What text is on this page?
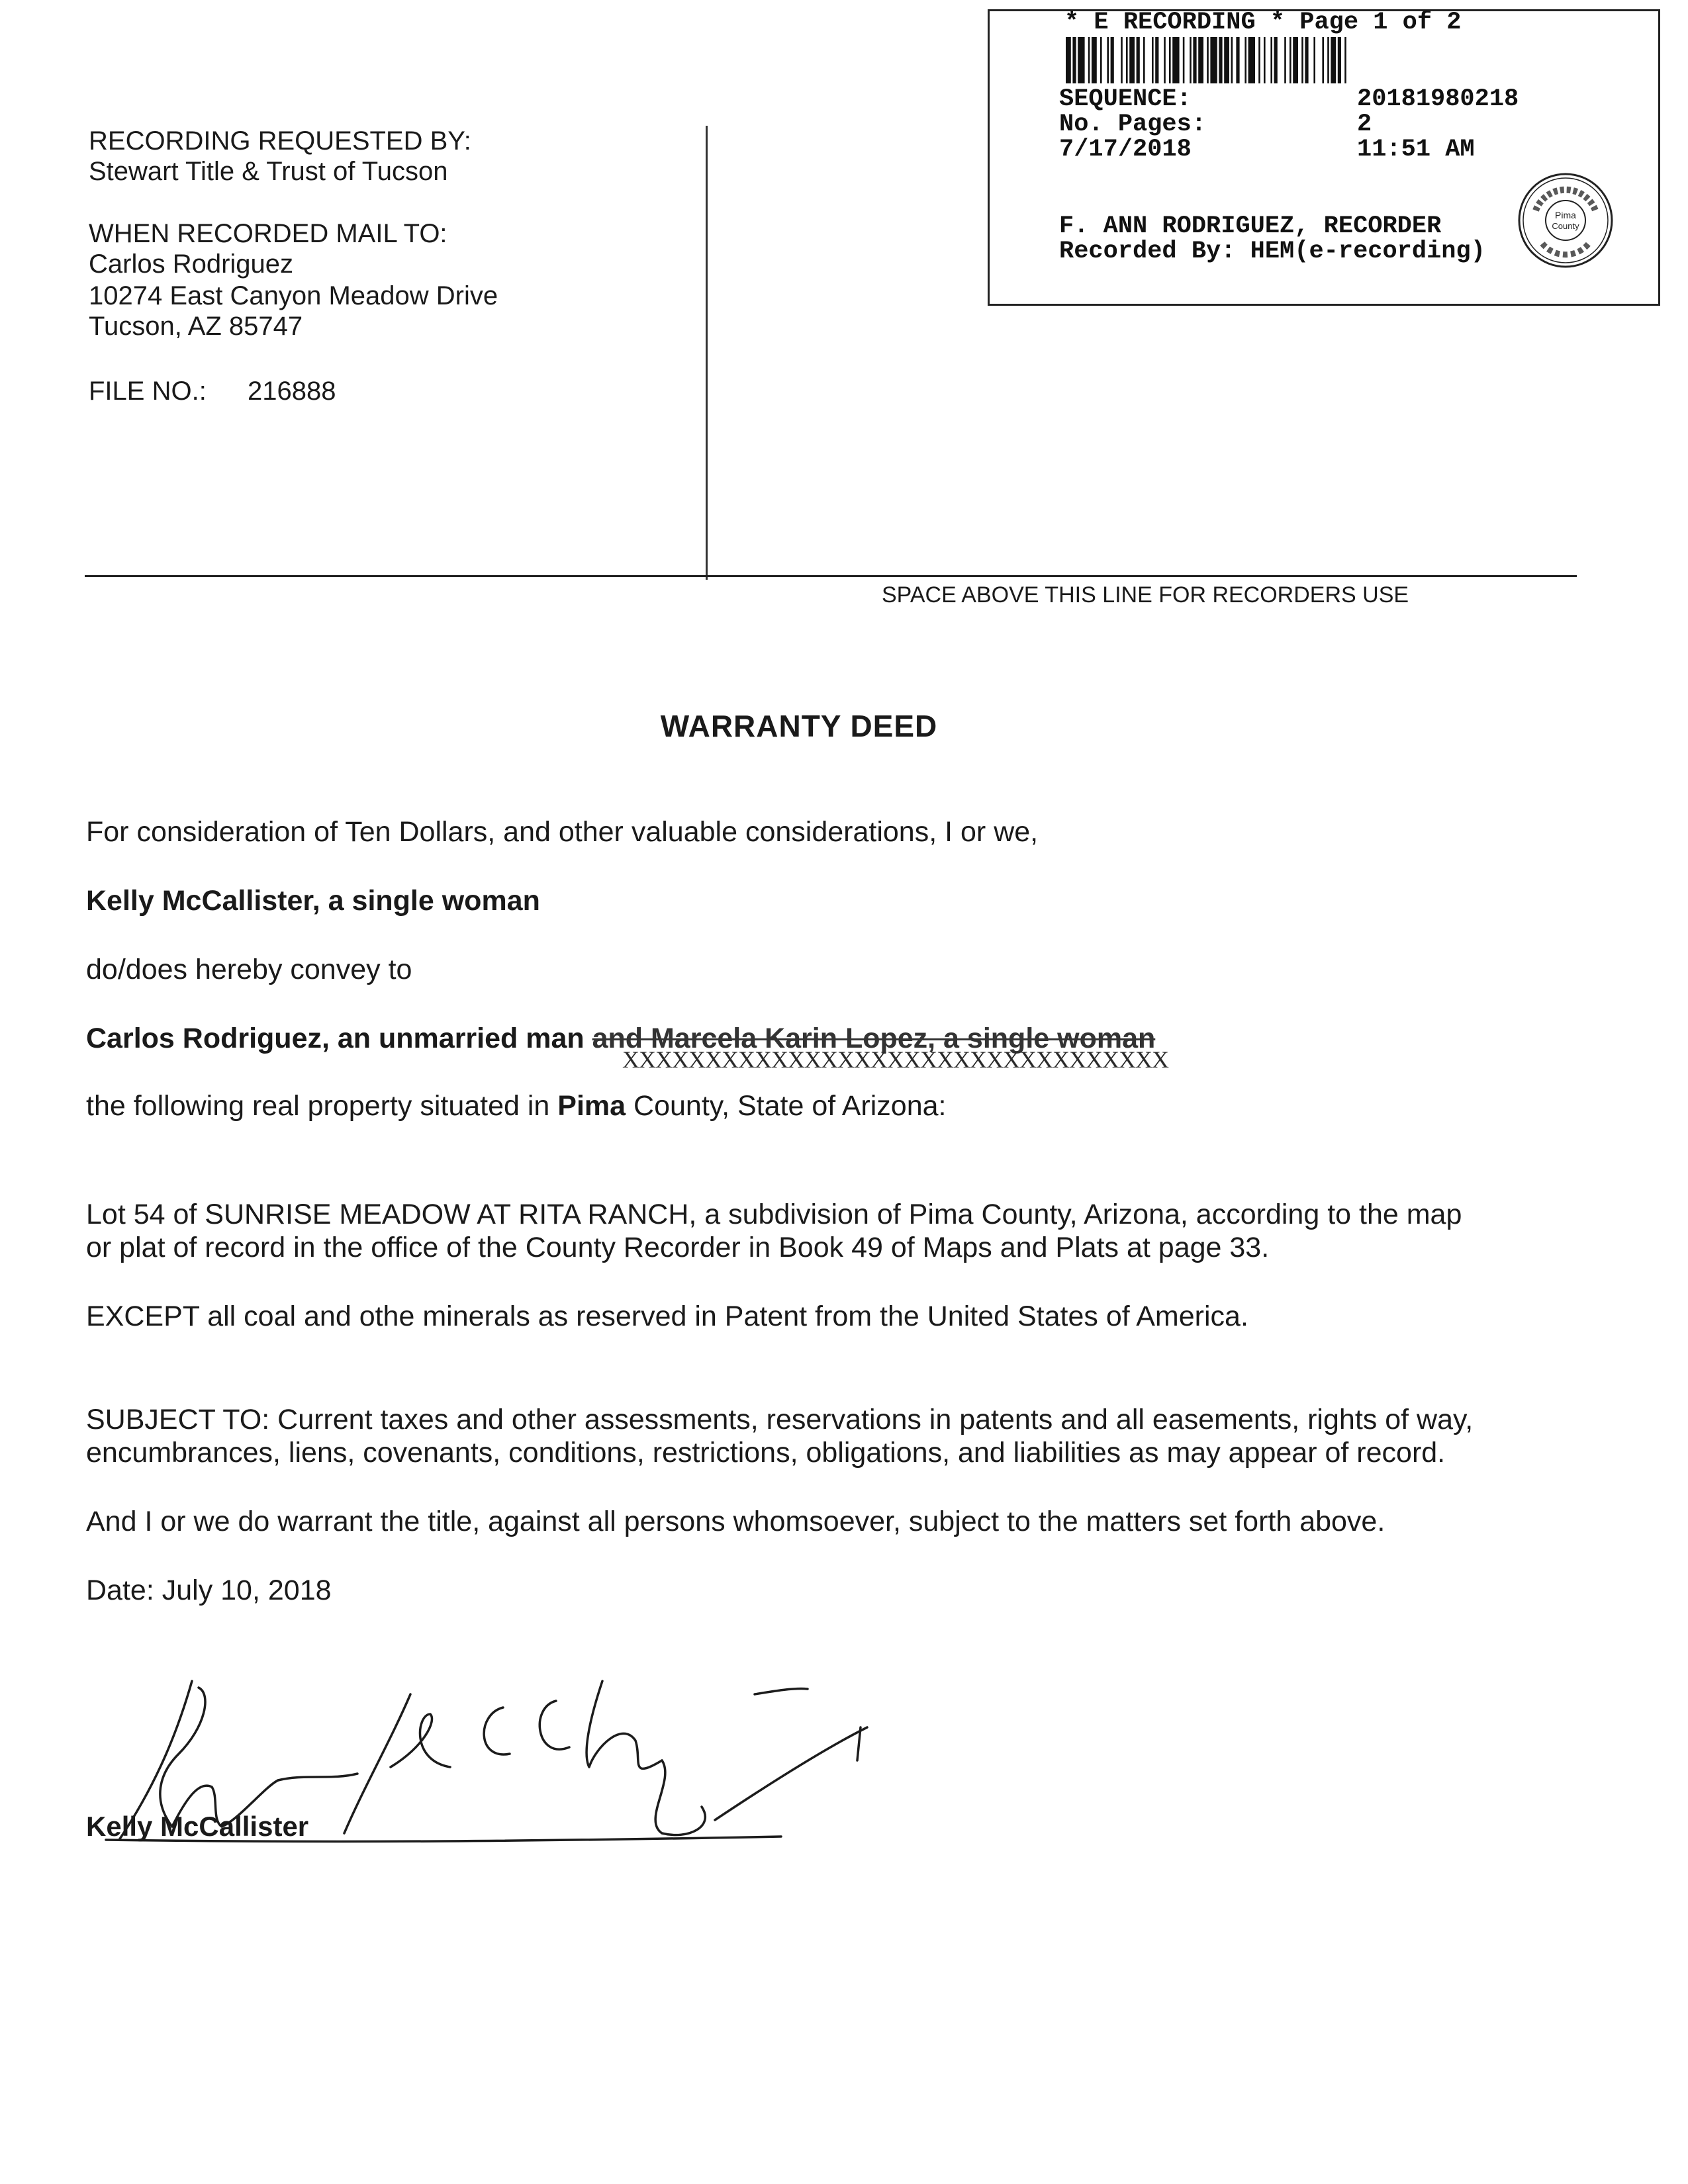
* E RECORDING * Page 1 of 2
SEQUENCE:	20181980218
No. Pages:	2
7/17/2018	11:51 AM
F. ANN RODRIGUEZ, RECORDER
Recorded By: HEM(e-recording)
Pima
County
RECORDING REQUESTED BY:
Stewart Title & Trust of Tucson
WHEN RECORDED MAIL TO:
Carlos Rodriguez
10274 East Canyon Meadow Drive
Tucson, AZ 85747
FILE NO.: 216888
SPACE ABOVE THIS LINE FOR RECORDERS USE
WARRANTY DEED
For consideration of Ten Dollars, and other valuable considerations, I or we,
Kelly McCallister, a single woman
do/does hereby convey to
Carlos Rodriguez, an unmarried man and Marcela Karin Lopez, a single woman
XXXXXXXXXXXXXXXXXXXXXXXXXXXXXXXXX
the following real property situated in Pima County, State of Arizona:
Lot 54 of SUNRISE MEADOW AT RITA RANCH, a subdivision of Pima County, Arizona, according to the map
or plat of record in the office of the County Recorder in Book 49 of Maps and Plats at page 33.
EXCEPT all coal and othe minerals as reserved in Patent from the United States of America.
SUBJECT TO: Current taxes and other assessments, reservations in patents and all easements, rights of way,
encumbrances, liens, covenants, conditions, restrictions, obligations, and liabilities as may appear of record.
And I or we do warrant the title, against all persons whomsoever, subject to the matters set forth above.
Date: July 10, 2018
Kelly McCallister
